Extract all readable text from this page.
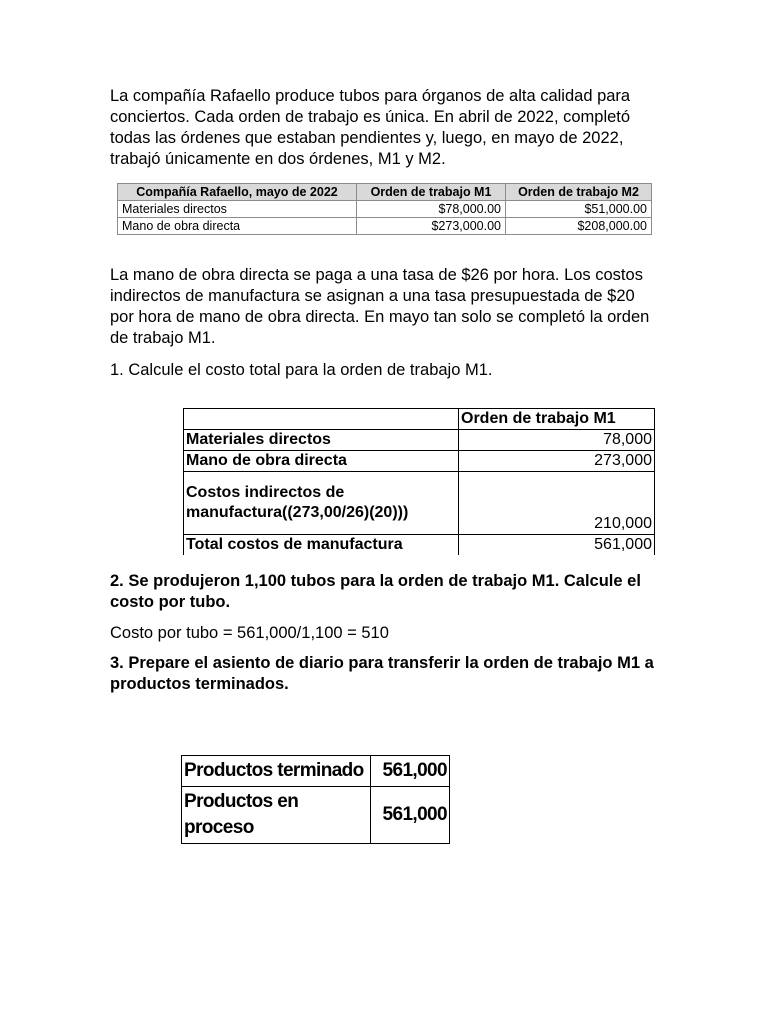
La compañía Rafaello produce tubos para órganos de alta calidad para conciertos. Cada orden de trabajo es única. En abril de 2022, completó todas las órdenes que estaban pendientes y, luego, en mayo de 2022, trabajó únicamente en dos órdenes, M1 y M2.

Compañía Rafaello, mayo de 2022	Orden de trabajo M1	Orden de trabajo M2
Materiales directos	$78,000.00	$51,000.00
Mano de obra directa	$273,000.00	$208,000.00

La mano de obra directa se paga a una tasa de $26 por hora. Los costos indirectos de manufactura se asignan a una tasa presupuestada de $20 por hora de mano de obra directa. En mayo tan solo se completó la orden de trabajo M1.

1. Calcule el costo total para la orden de trabajo M1.

	Orden de trabajo M1
Materiales directos	78,000
Mano de obra directa	273,000
Costos indirectos de manufactura((273,00/26)(20)))	210,000
Total costos de manufactura	561,000

2. Se produjeron 1,100 tubos para la orden de trabajo M1. Calcule el costo por tubo.

Costo por tubo = 561,000/1,100 = 510

3. Prepare el asiento de diario para transferir la orden de trabajo M1 a productos terminados.

Productos terminado	561,000
Productos en proceso	561,000
